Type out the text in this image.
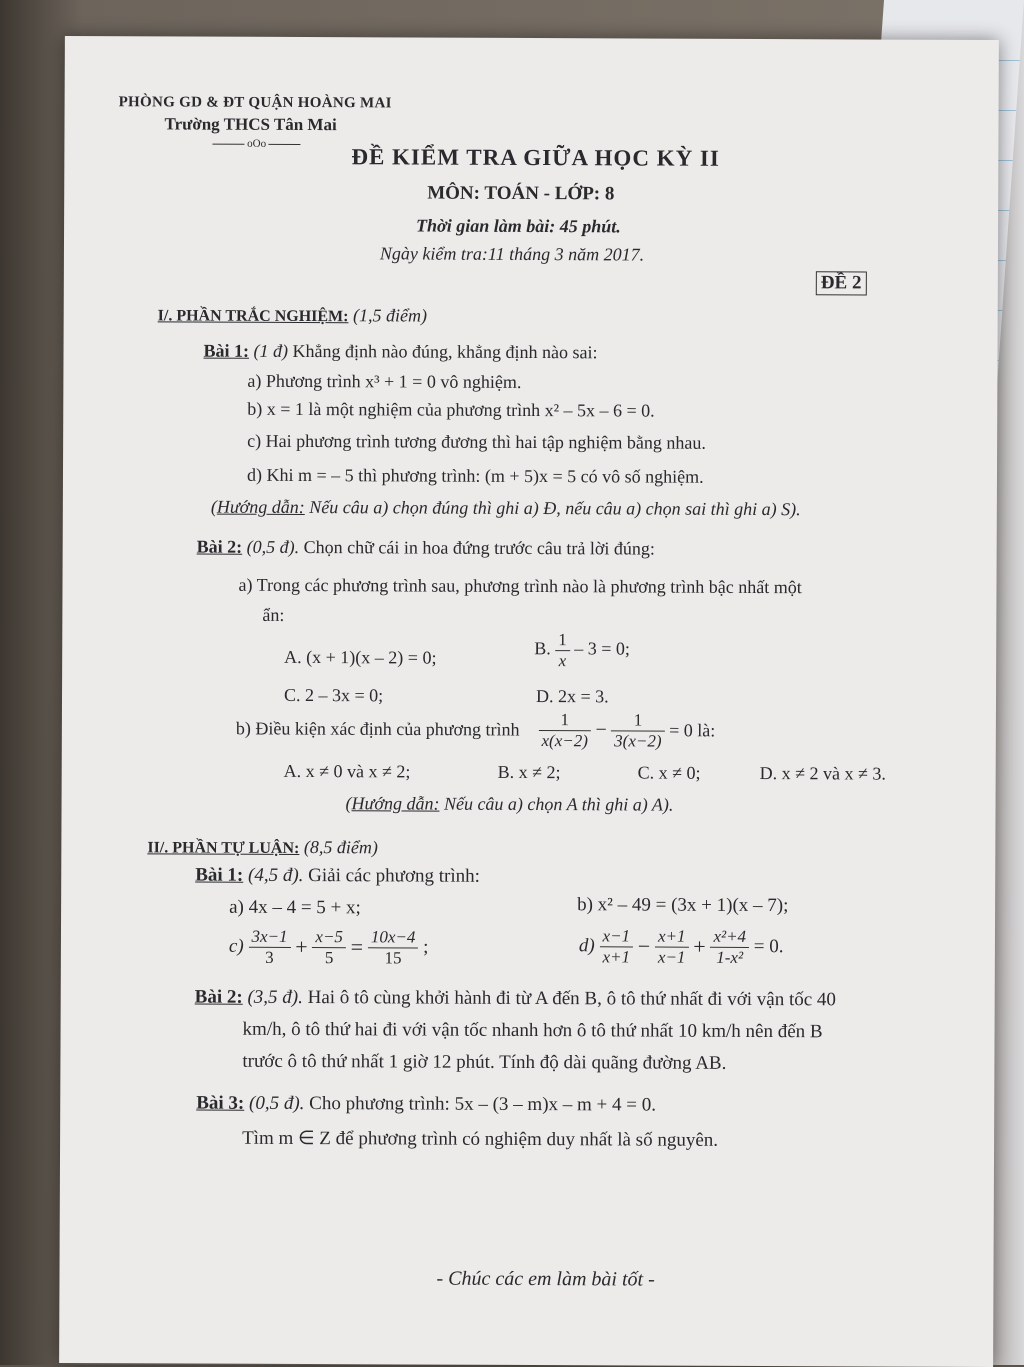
PHÒNG GD & ĐT QUẬN HOÀNG MAI
Trường THCS Tân Mai
oOo
ĐỀ KIỂM TRA GIỮA HỌC KỲ II
MÔN: TOÁN - LỚP: 8
Thời gian làm bài: 45 phút.
Ngày kiểm tra:11 tháng 3 năm 2017.
ĐỀ 2
I/. PHẦN TRẮC NGHIỆM: (1,5 điểm)
Bài 1: (1 đ) Khẳng định nào đúng, khẳng định nào sai:
a) Phương trình x³ + 1 = 0 vô nghiệm.
b) x = 1 là một nghiệm của phương trình x² – 5x – 6 = 0.
c) Hai phương trình tương đương thì hai tập nghiệm bằng nhau.
d) Khi m = – 5 thì phương trình: (m + 5)x = 5 có vô số nghiệm.
(Hướng dẫn: Nếu câu a) chọn đúng thì ghi a) Đ, nếu câu a) chọn sai thì ghi a) S).
Bài 2: (0,5 đ). Chọn chữ cái in hoa đứng trước câu trả lời đúng:
a) Trong các phương trình sau, phương trình nào là phương trình bậc nhất một
ẩn:
A. (x + 1)(x – 2) = 0;	B. $\frac{1}{x} - 3 = 0$;
C. 2 – 3x = 0;	D. 2x = 3.
b) Điều kiện xác định của phương trình $\frac{1}{x(x-2)} - \frac{1}{3(x-2)} = 0$ là:
A. x ≠ 0 và x ≠ 2;	B. x ≠ 2;	C. x ≠ 0;	D. x ≠ 2 và x ≠ 3.
(Hướng dẫn: Nếu câu a) chọn A thì ghi a) A).
II/. PHẦN TỰ LUẬN: (8,5 điểm)
Bài 1: (4,5 đ). Giải các phương trình:
a) 4x – 4 = 5 + x;	b) x² – 49 = (3x + 1)(x – 7);
$c) \frac{3x-1}{3} + \frac{x-5}{5} = \frac{10x-4}{15}$ ;	$d) \frac{x-1}{x+1} - \frac{x+1}{x-1} + \frac{\text{x²+4}}{\text{1-x²}} = 0$.
Bài 2: (3,5 đ). Hai ô tô cùng khởi hành đi từ A đến B, ô tô thứ nhất đi với vận tốc 40
km/h, ô tô thứ hai đi với vận tốc nhanh hơn ô tô thứ nhất 10 km/h nên đến B
trước ô tô thứ nhất 1 giờ 12 phút. Tính độ dài quãng đường AB.
Bài 3: (0,5 đ). Cho phương trình: 5x – (3 – m)x – m + 4 = 0.
Tìm m ∈ Z để phương trình có nghiệm duy nhất là số nguyên.
- Chúc các em làm bài tốt -
